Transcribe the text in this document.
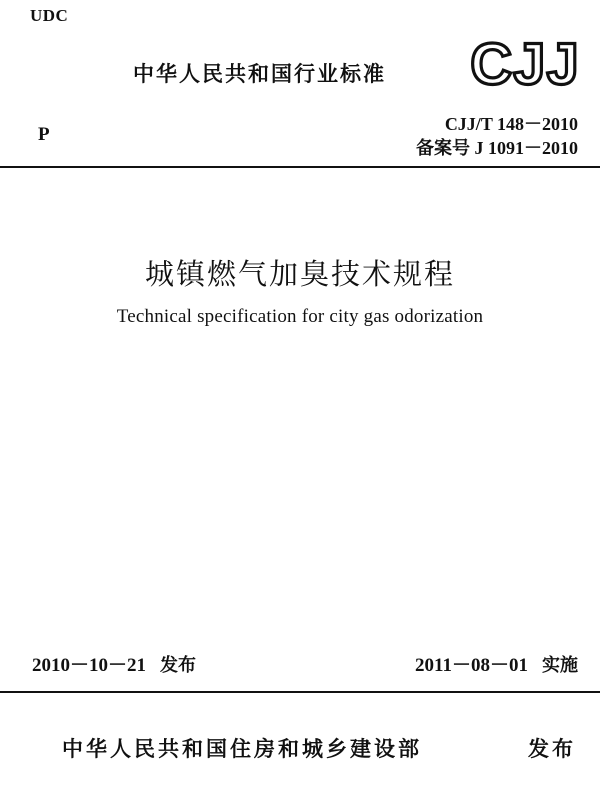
UDC
中华人民共和国行业标准 CJJ
P	CJJ/T 148－2010
备案号 J 1091－2010
城镇燃气加臭技术规程
Technical specification for city gas odorization
2010－10－21 发布	2011－08－01 实施
中华人民共和国住房和城乡建设部	发布
